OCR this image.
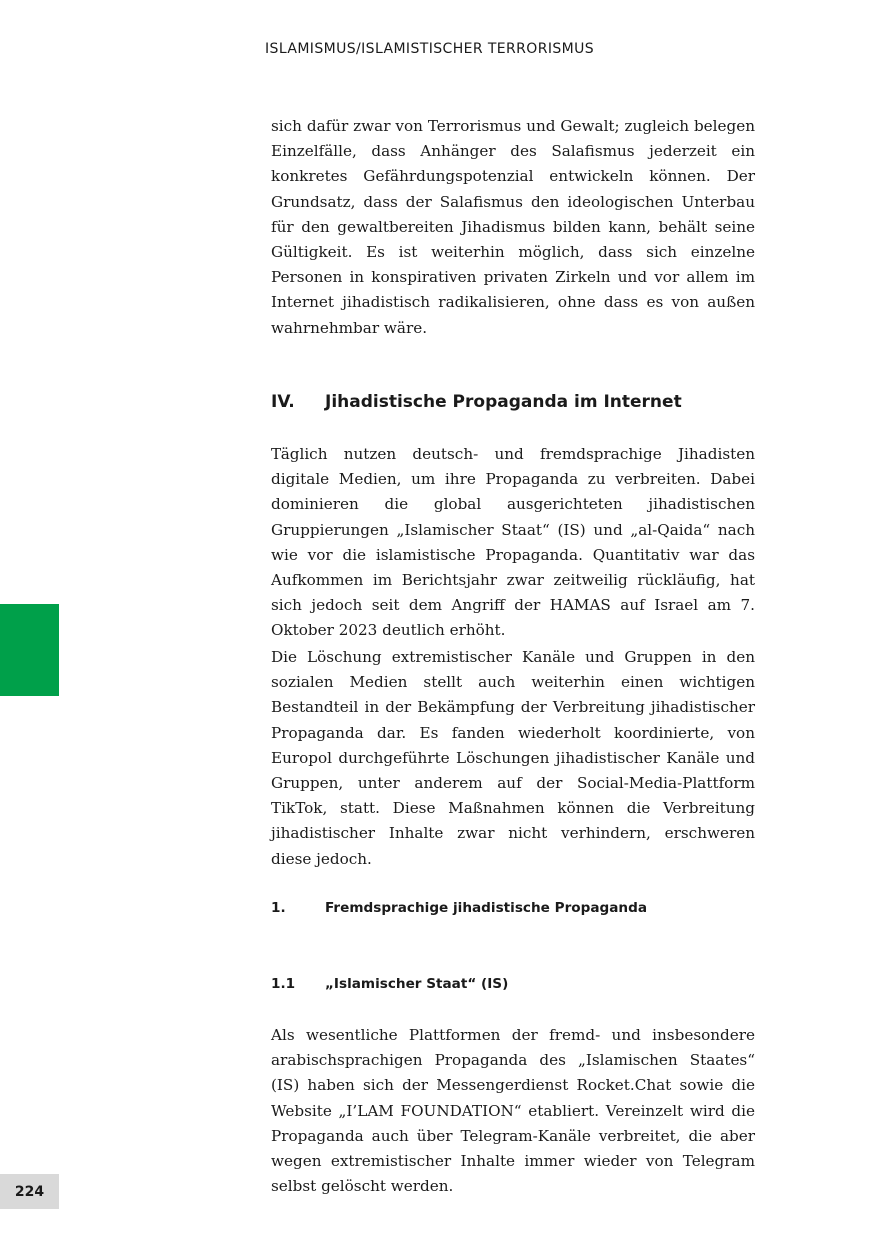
ISLAMISMUS/ISLAMISTISCHER TERRORISMUS

sich dafür zwar von Terrorismus und Gewalt; zugleich belegen Einzelfälle, dass Anhänger des Salafismus jederzeit ein konkretes Gefährdungspotenzial entwickeln können. Der Grundsatz, dass der Salafismus den ideologischen Unterbau für den gewaltbereiten Jihadismus bilden kann, behält seine Gültigkeit. Es ist weiterhin möglich, dass sich einzelne Personen in konspirativen privaten Zirkeln und vor allem im Internet jihadistisch radikalisieren, ohne dass es von außen wahrnehmbar wäre.

IV.	Jihadistische Propaganda im Internet

Täglich nutzen deutsch- und fremdsprachige Jihadisten digitale Medien, um ihre Propaganda zu verbreiten. Dabei dominieren die global ausgerichteten jihadistischen Gruppierungen „Islamischer Staat“ (IS) und „al-Qaida“ nach wie vor die islamistische Propaganda. Quantitativ war das Aufkommen im Berichtsjahr zwar zeitweilig rückläufig, hat sich jedoch seit dem Angriff der HAMAS auf Israel am 7. Oktober 2023 deutlich erhöht.

Die Löschung extremistischer Kanäle und Gruppen in den sozialen Medien stellt auch weiterhin einen wichtigen Bestandteil in der Bekämpfung der Verbreitung jihadistischer Propaganda dar. Es fanden wiederholt koordinierte, von Europol durchgeführte Löschungen jihadistischer Kanäle und Gruppen, unter anderem auf der Social-Media-Plattform TikTok, statt. Diese Maßnahmen können die Verbreitung jihadistischer Inhalte zwar nicht verhindern, erschweren diese jedoch.

1.	Fremdsprachige jihadistische Propaganda
1.1	„Islamischer Staat“ (IS)

Als wesentliche Plattformen der fremd- und insbesondere arabischsprachigen Propaganda des „Islamischen Staates“ (IS) haben sich der Messengerdienst Rocket.Chat sowie die Website „I’LAM FOUNDATION“ etabliert. Vereinzelt wird die Propaganda auch über Telegram-Kanäle verbreitet, die aber wegen extremistischer Inhalte immer wieder von Telegram selbst gelöscht werden.

224
